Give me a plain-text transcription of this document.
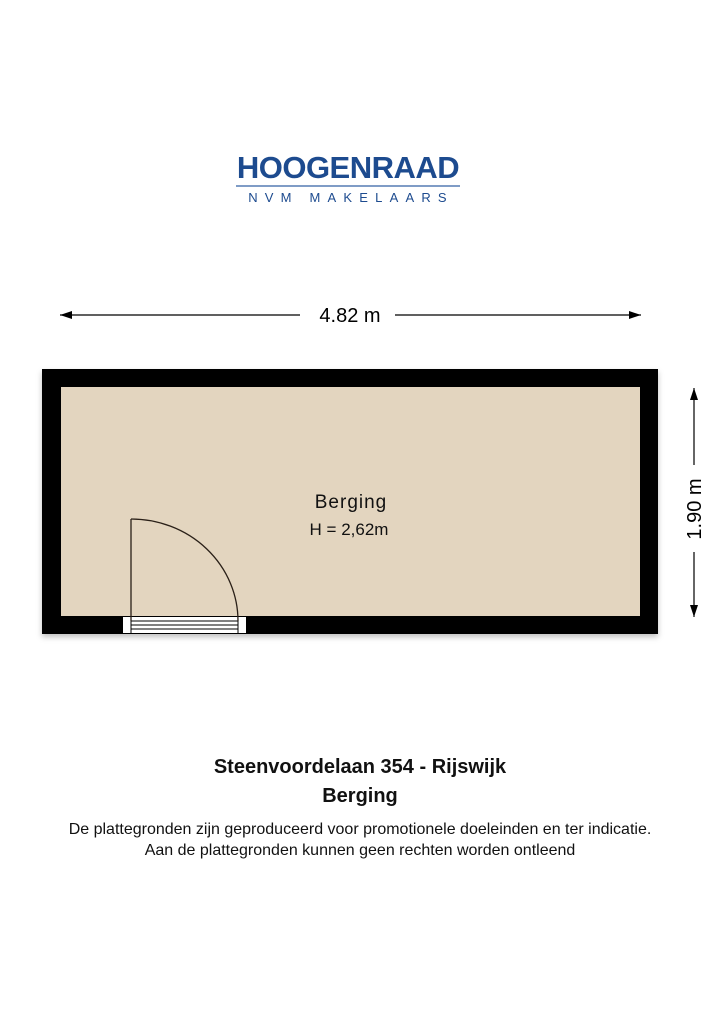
HOOGENRAAD
NVM MAKELAARS
4.82 m
1.90 m
Berging
H = 2,62m
Steenvoordelaan 354 - Rijswijk
Berging
De plattegronden zijn geproduceerd voor promotionele doeleinden en ter indicatie.
Aan de plattegronden kunnen geen rechten worden ontleend
